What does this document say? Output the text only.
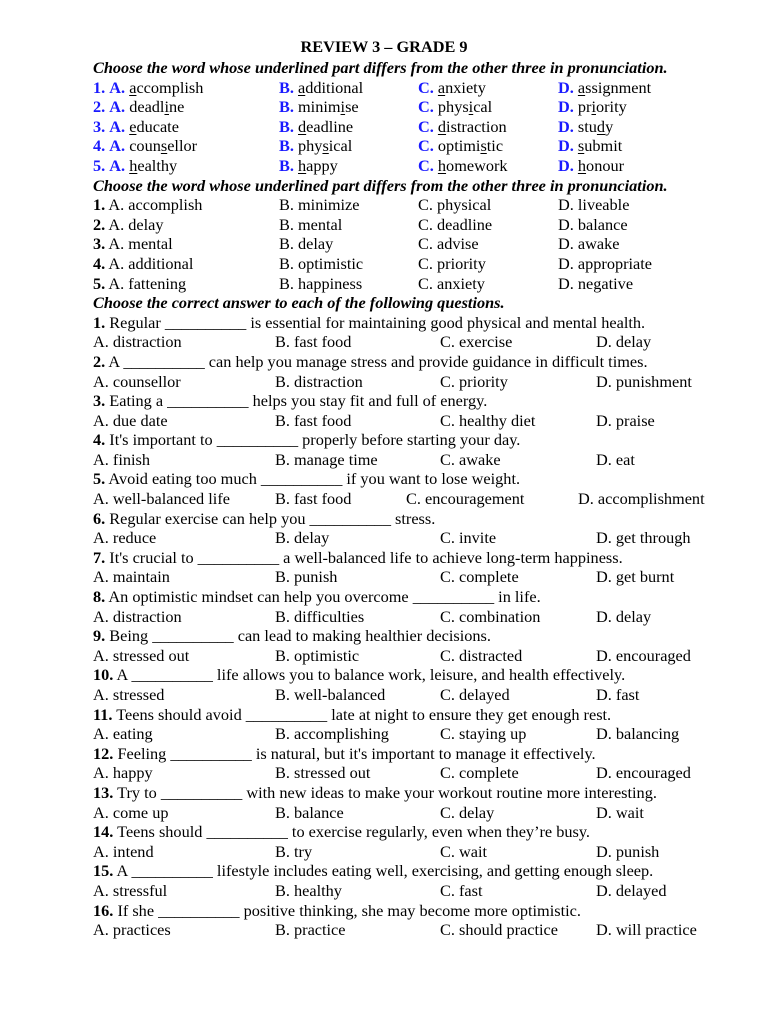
REVIEW 3 – GRADE 9
Choose the word whose underlined part differs from the other three in pronunciation.
1. A. accomplish	B. additional	C. anxiety	D. assignment
2. A. deadline	B. minimise	C. physical	D. priority
3. A. educate	B. deadline	C. distraction	D. study
4. A. counsellor	B. physical	C. optimistic	D. submit
5. A. healthy	B. happy	C. homework	D. honour
Choose the word whose underlined part differs from the other three in pronunciation.
1. A. accomplish	B. minimize	C. physical	D. liveable
2. A. delay	B. mental	C. deadline	D. balance
3. A. mental	B. delay	C. advise	D. awake
4. A. additional	B. optimistic	C. priority	D. appropriate
5. A. fattening	B. happiness	C. anxiety	D. negative
Choose the correct answer to each of the following questions.
1. Regular __________ is essential for maintaining good physical and mental health.
A. distraction	B. fast food	C. exercise	D. delay
2. A __________ can help you manage stress and provide guidance in difficult times.
A. counsellor	B. distraction	C. priority	D. punishment
3. Eating a __________ helps you stay fit and full of energy.
A. due date	B. fast food	C. healthy diet	D. praise
4. It's important to __________ properly before starting your day.
A. finish	B. manage time	C. awake	D. eat
5. Avoid eating too much __________ if you want to lose weight.
A. well-balanced life	B. fast food	C. encouragement	D. accomplishment
6. Regular exercise can help you __________ stress.
A. reduce	B. delay	C. invite	D. get through
7. It's crucial to __________ a well-balanced life to achieve long-term happiness.
A. maintain	B. punish	C. complete	D. get burnt
8. An optimistic mindset can help you overcome __________ in life.
A. distraction	B. difficulties	C. combination	D. delay
9. Being __________ can lead to making healthier decisions.
A. stressed out	B. optimistic	C. distracted	D. encouraged
10. A __________ life allows you to balance work, leisure, and health effectively.
A. stressed	B. well-balanced	C. delayed	D. fast
11. Teens should avoid __________ late at night to ensure they get enough rest.
A. eating	B. accomplishing	C. staying up	D. balancing
12. Feeling __________ is natural, but it's important to manage it effectively.
A. happy	B. stressed out	C. complete	D. encouraged
13. Try to __________ with new ideas to make your workout routine more interesting.
A. come up	B. balance	C. delay	D. wait
14. Teens should __________ to exercise regularly, even when they’re busy.
A. intend	B. try	C. wait	D. punish
15. A __________ lifestyle includes eating well, exercising, and getting enough sleep.
A. stressful	B. healthy	C. fast	D. delayed
16. If she __________ positive thinking, she may become more optimistic.
A. practices	B. practice	C. should practice D. will practice
